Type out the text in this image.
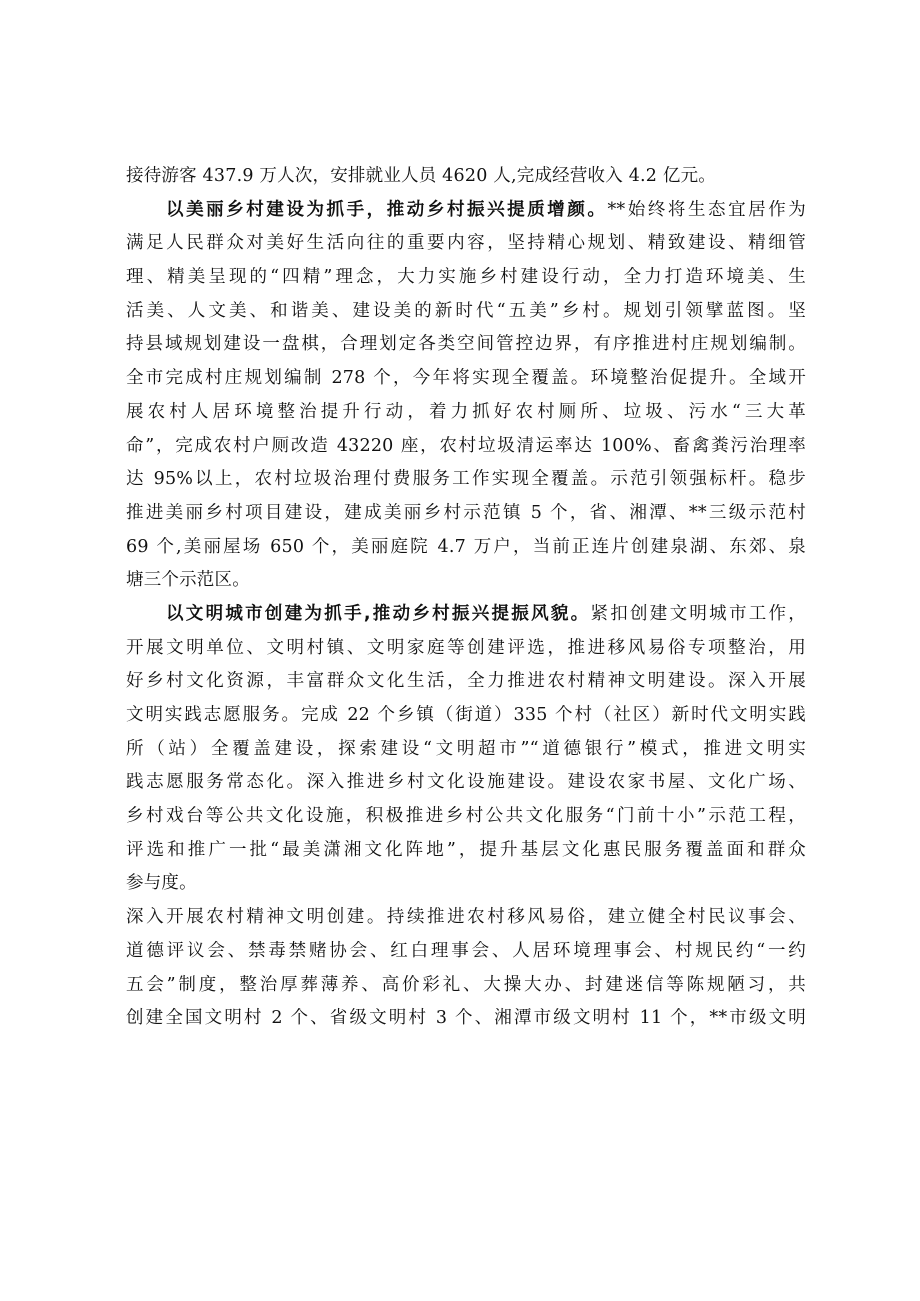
接待游客 437.9 万人次，安排就业人员 4620 人,完成经营收入 4.2 亿元。
以美丽乡村建设为抓手，推动乡村振兴提质增颜。**始终将生态宜居作为
满足人民群众对美好生活向往的重要内容，坚持精心规划、精致建设、精细管
理、精美呈现的“四精”理念，大力实施乡村建设行动，全力打造环境美、生
活美、人文美、和谐美、建设美的新时代“五美”乡村。规划引领擘蓝图。坚
持县域规划建设一盘棋，合理划定各类空间管控边界，有序推进村庄规划编制。
全市完成村庄规划编制 278 个，今年将实现全覆盖。环境整治促提升。全域开
展农村人居环境整治提升行动，着力抓好农村厕所、垃圾、污水“三大革
命”，完成农村户厕改造 43220 座，农村垃圾清运率达 100%、畜禽粪污治理率
达 95%以上，农村垃圾治理付费服务工作实现全覆盖。示范引领强标杆。稳步
推进美丽乡村项目建设，建成美丽乡村示范镇 5 个，省、湘潭、**三级示范村
69 个,美丽屋场 650 个，美丽庭院 4.7 万户，当前正连片创建泉湖、东郊、泉
塘三个示范区。
以文明城市创建为抓手,推动乡村振兴提振风貌。紧扣创建文明城市工作，
开展文明单位、文明村镇、文明家庭等创建评选，推进移风易俗专项整治，用
好乡村文化资源，丰富群众文化生活，全力推进农村精神文明建设。深入开展
文明实践志愿服务。完成 22 个乡镇（街道）335 个村（社区）新时代文明实践
所（站）全覆盖建设，探索建设“文明超市”“道德银行”模式，推进文明实
践志愿服务常态化。深入推进乡村文化设施建设。建设农家书屋、文化广场、
乡村戏台等公共文化设施，积极推进乡村公共文化服务“门前十小”示范工程，
评选和推广一批“最美潇湘文化阵地”，提升基层文化惠民服务覆盖面和群众
参与度。
深入开展农村精神文明创建。持续推进农村移风易俗，建立健全村民议事会、
道德评议会、禁毒禁赌协会、红白理事会、人居环境理事会、村规民约“一约
五会”制度，整治厚葬薄养、高价彩礼、大操大办、封建迷信等陈规陋习，共
创建全国文明村 2 个、省级文明村 3 个、湘潭市级文明村 11 个，**市级文明
